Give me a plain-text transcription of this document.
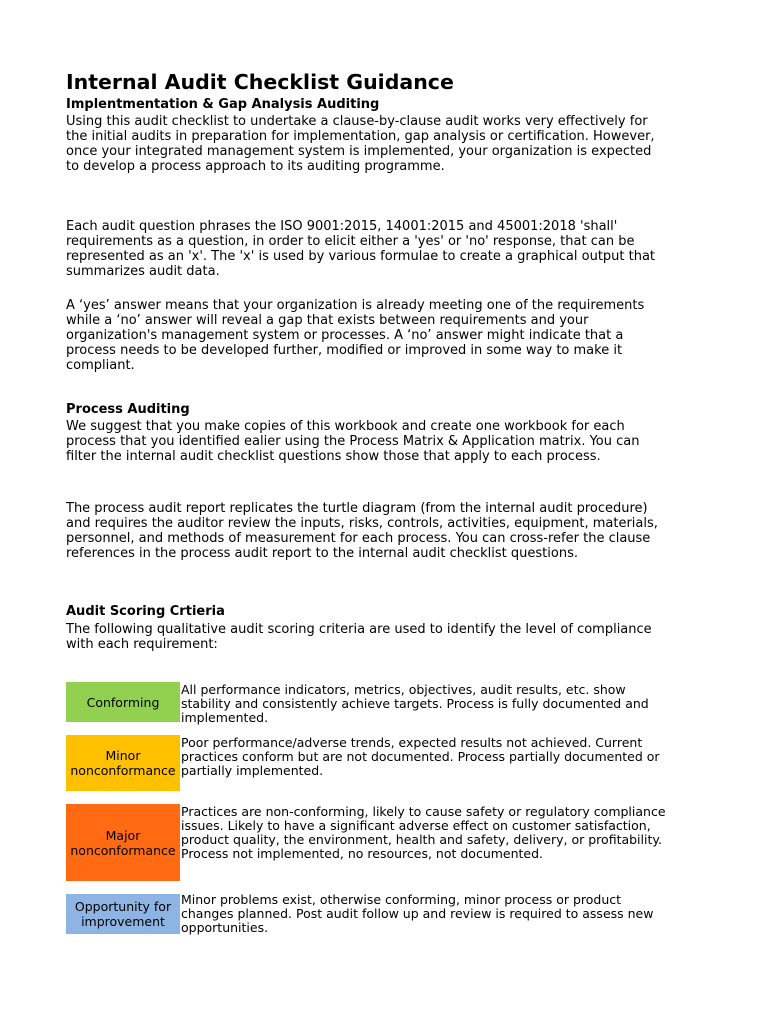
Internal Audit Checklist Guidance
Implentmentation & Gap Analysis Auditing

Using this audit checklist to undertake a clause-by-clause audit works very effectively for
the initial audits in preparation for implementation, gap analysis or certification. However,
once your integrated management system is implemented, your organization is expected
to develop a process approach to its auditing programme.

Each audit question phrases the ISO 9001:2015, 14001:2015 and 45001:2018 'shall'
requirements as a question, in order to elicit either a 'yes' or 'no' response, that can be
represented as an 'x'. The 'x' is used by various formulae to create a graphical output that
summarizes audit data.

A ‘yes’ answer means that your organization is already meeting one of the requirements
while a ‘no’ answer will reveal a gap that exists between requirements and your
organization's management system or processes. A ‘no’ answer might indicate that a
process needs to be developed further, modified or improved in some way to make it
compliant.

Process Auditing

We suggest that you make copies of this workbook and create one workbook for each
process that you identified ealier using the Process Matrix & Application matrix. You can
filter the internal audit checklist questions show those that apply to each process.

The process audit report replicates the turtle diagram (from the internal audit procedure)
and requires the auditor review the inputs, risks, controls, activities, equipment, materials,
personnel, and methods of measurement for each process. You can cross-refer the clause
references in the process audit report to the internal audit checklist questions.

Audit Scoring Crtieria

The following qualitative audit scoring criteria are used to identify the level of compliance
with each requirement:

Conforming
All performance indicators, metrics, objectives, audit results, etc. show
stability and consistently achieve targets. Process is fully documented and
implemented.
Minor
nonconformance
Poor performance/adverse trends, expected results not achieved. Current
practices conform but are not documented. Process partially documented or
partially implemented.
Major
nonconformance
Practices are non-conforming, likely to cause safety or regulatory compliance
issues. Likely to have a significant adverse effect on customer satisfaction,
product quality, the environment, health and safety, delivery, or profitability.
Process not implemented, no resources, not documented.
Opportunity for
improvement
Minor problems exist, otherwise conforming, minor process or product
changes planned. Post audit follow up and review is required to assess new
opportunities.
